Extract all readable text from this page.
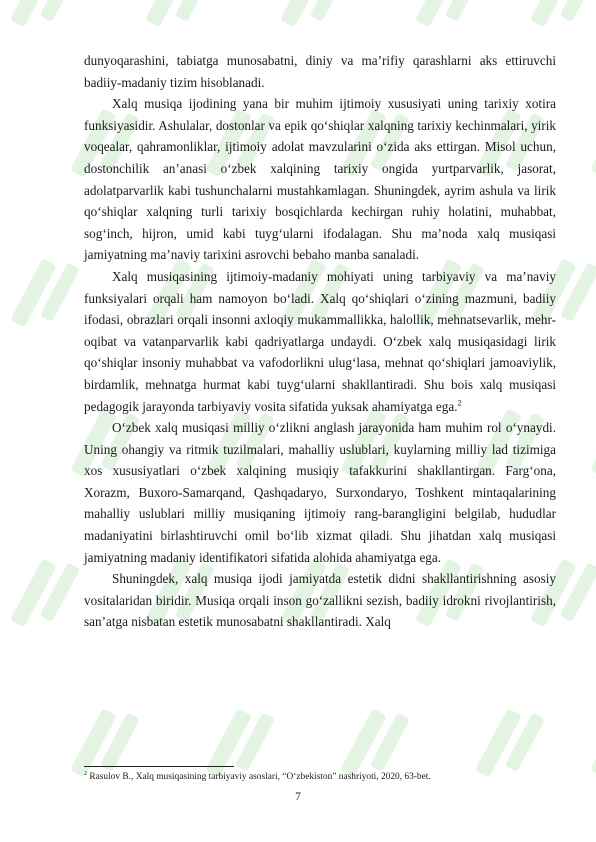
dunyoqarashini, tabiatga munosabatni, diniy va ma’rifiy qarashlarni aks ettiruvchi badiiy-madaniy tizim hisoblanadi.

Xalq musiqa ijodining yana bir muhim ijtimoiy xususiyati uning tarixiy xotira funksiyasidir. Ashulalar, dostonlar va epik qo‘shiqlar xalqning tarixiy kechinmalari, yirik voqealar, qahramonliklar, ijtimoiy adolat mavzularini o‘zida aks ettirgan. Misol uchun, dostonchilik an’anasi o‘zbek xalqining tarixiy ongida yurtparvarlik, jasorat, adolatparvarlik kabi tushunchalarni mustahkamlagan. Shuningdek, ayrim ashula va lirik qo‘shiqlar xalqning turli tarixiy bosqichlarda kechirgan ruhiy holatini, muhabbat, sog‘inch, hijron, umid kabi tuyg‘ularni ifodalagan. Shu ma’noda xalq musiqasi jamiyatning ma’naviy tarixini asrovchi bebaho manba sanaladi.

Xalq musiqasining ijtimoiy-madaniy mohiyati uning tarbiyaviy va ma’naviy funksiyalari orqali ham namoyon bo‘ladi. Xalq qo‘shiqlari o‘zining mazmuni, badiiy ifodasi, obrazlari orqali insonni axloqiy mukammallikka, halollik, mehnatsevarlik, mehr-oqibat va vatanparvarlik kabi qadriyatlarga undaydi. O‘zbek xalq musiqasidagi lirik qo‘shiqlar insoniy muhabbat va vafodorlikni ulug‘lasa, mehnat qo‘shiqlari jamoaviylik, birdamlik, mehnatga hurmat kabi tuyg‘ularni shakllantiradi. Shu bois xalq musiqasi pedagogik jarayonda tarbiyaviy vosita sifatida yuksak ahamiyatga ega.$^2$

O‘zbek xalq musiqasi milliy o‘zlikni anglash jarayonida ham muhim rol o‘ynaydi. Uning ohangiy va ritmik tuzilmalari, mahalliy uslublari, kuylarning milliy lad tizimiga xos xususiyatlari o‘zbek xalqining musiqiy tafakkurini shakllantirgan. Farg‘ona, Xorazm, Buxoro-Samarqand, Qashqadaryo, Surxondaryo, Toshkent mintaqalarining mahalliy uslublari milliy musiqaning ijtimoiy rang-barangligini belgilab, hududlar madaniyatini birlashtiruvchi omil bo‘lib xizmat qiladi. Shu jihatdan xalq musiqasi jamiyatning madaniy identifikatori sifatida alohida ahamiyatga ega.

Shuningdek, xalq musiqa ijodi jamiyatda estetik didni shakllantirishning asosiy vositalaridan biridir. Musiqa orqali inson go‘zallikni sezish, badiiy idrokni rivojlantirish, san’atga nisbatan estetik munosabatni shakllantiradi. Xalq

$^2$ Rasulov B., Xalq musiqasining tarbiyaviy asoslari, “O‘zbekiston” nashriyoti, 2020, 63-bet.
7
